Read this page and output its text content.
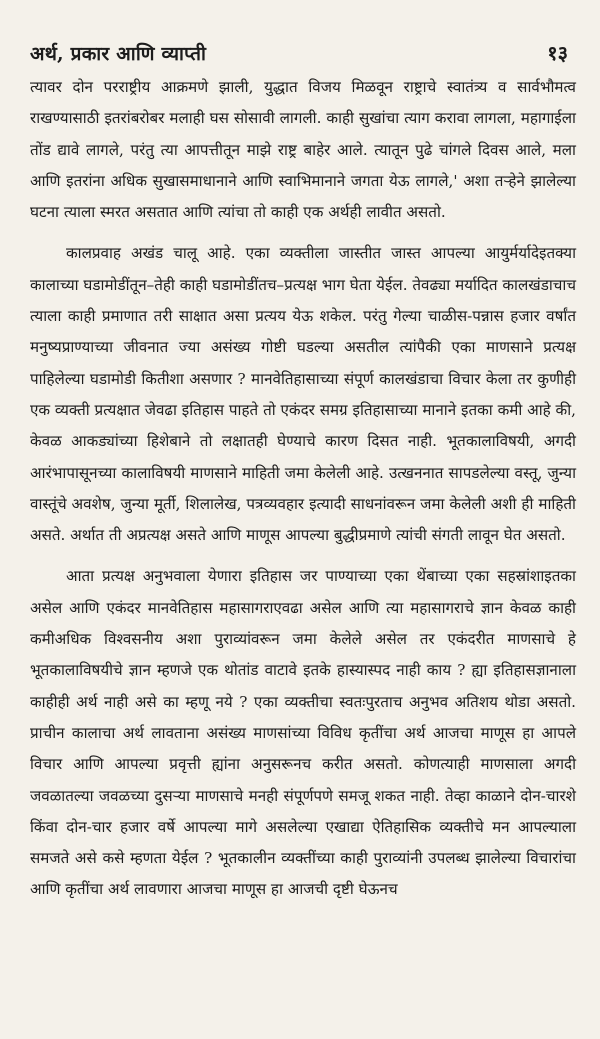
अर्थ, प्रकार आणि व्याप्ती	१३

त्यावर दोन परराष्ट्रीय आक्रमणे झाली, युद्धात विजय मिळवून राष्ट्राचे स्वातंत्र्य व सार्वभौमत्व राखण्यासाठी इतरांबरोबर मलाही घस सोसावी लागली. काही सुखांचा त्याग करावा लागला, महागाईला तोंड द्यावे लागले, परंतु त्या आपत्तीतून माझे राष्ट्र बाहेर आले. त्यातून पुढे चांगले दिवस आले, मला आणि इतरांना अधिक सुखासमाधानाने आणि स्वाभिमानाने जगता येऊ लागले,' अशा तऱ्हेने झालेल्या घटना त्याला स्मरत असतात आणि त्यांचा तो काही एक अर्थही लावीत असतो.

कालप्रवाह अखंड चालू आहे. एका व्यक्तीला जास्तीत जास्त आपल्या आयुर्मर्यादेइतक्या कालाच्या घडामोडींतून–तेही काही घडामोडींतच–प्रत्यक्ष भाग घेता येईल. तेवढ्या मर्यादित कालखंडाचाच त्याला काही प्रमाणात तरी साक्षात असा प्रत्यय येऊ शकेल. परंतु गेल्या चाळीस-पन्नास हजार वर्षांत मनुष्यप्राण्याच्या जीवनात ज्या असंख्य गोष्टी घडल्या असतील त्यांपैकी एका माणसाने प्रत्यक्ष पाहिलेल्या घडामोडी कितीशा असणार ? मानवेतिहासाच्या संपूर्ण कालखंडाचा विचार केला तर कुणीही एक व्यक्ती प्रत्यक्षात जेवढा इतिहास पाहते तो एकंदर समग्र इतिहासाच्या मानाने इतका कमी आहे की, केवळ आकड्यांच्या हिशेबाने तो लक्षातही घेण्याचे कारण दिसत नाही. भूतकालाविषयी, अगदी आरंभापासूनच्या कालाविषयी माणसाने माहिती जमा केलेली आहे. उत्खननात सापडलेल्या वस्तू, जुन्या वास्तूंचे अवशेष, जुन्या मूर्ती, शिलालेख, पत्रव्यवहार इत्यादी साधनांवरून जमा केलेली अशी ही माहिती असते. अर्थात ती अप्रत्यक्ष असते आणि माणूस आपल्या बुद्धीप्रमाणे त्यांची संगती लावून घेत असतो.

आता प्रत्यक्ष अनुभवाला येणारा इतिहास जर पाण्याच्या एका थेंबाच्या एका सहस्रांशाइतका असेल आणि एकंदर मानवेतिहास महासागराएवढा असेल आणि त्या महासागराचे ज्ञान केवळ काही कमीअधिक विश्वसनीय अशा पुराव्यांवरून जमा केलेले असेल तर एकंदरीत माणसाचे हे भूतकालाविषयीचे ज्ञान म्हणजे एक थोतांड वाटावे इतके हास्यास्पद नाही काय ? ह्या इतिहासज्ञानाला काहीही अर्थ नाही असे का म्हणू नये ? एका व्यक्तीचा स्वतःपुरताच अनुभव अतिशय थोडा असतो. प्राचीन कालाचा अर्थ लावताना असंख्य माणसांच्या विविध कृतींचा अर्थ आजचा माणूस हा आपले विचार आणि आपल्या प्रवृत्ती ह्यांना अनुसरूनच करीत असतो. कोणत्याही माणसाला अगदी जवळातल्या जवळच्या दुसऱ्या माणसाचे मनही संपूर्णपणे समजू शकत नाही. तेव्हा काळाने दोन-चारशे किंवा दोन-चार हजार वर्षे आपल्या मागे असलेल्या एखाद्या ऐतिहासिक व्यक्तीचे मन आपल्याला समजते असे कसे म्हणता येईल ? भूतकालीन व्यक्तींच्या काही पुराव्यांनी उपलब्ध झालेल्या विचारांचा आणि कृतींचा अर्थ लावणारा आजचा माणूस हा आजची दृष्टी घेऊनच
